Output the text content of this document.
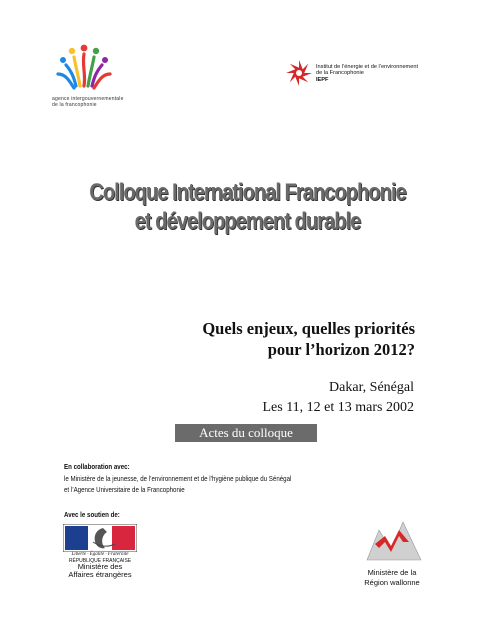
agence intergouvernementale
de la francophonie
Institut de l’énergie et de l’environnement
de la Francophonie
IEPF
Colloque International Francophonie
et développement durable
Quels enjeux, quelles priorités
pour l’horizon 2012?
Dakar, Sénégal
Les 11, 12 et 13 mars 2002
Actes du colloque
En collaboration avec:
le Ministère de la jeunesse, de l’environnement et de l’hygiène publique du Sénégal
et l’Agence Universitaire de la Francophonie
Avec le soutien de:
Liberté · Égalité · Fraternité
RÉPUBLIQUE FRANÇAISE
Ministère des
Affaires étrangères	Ministère de la
Région wallonne
